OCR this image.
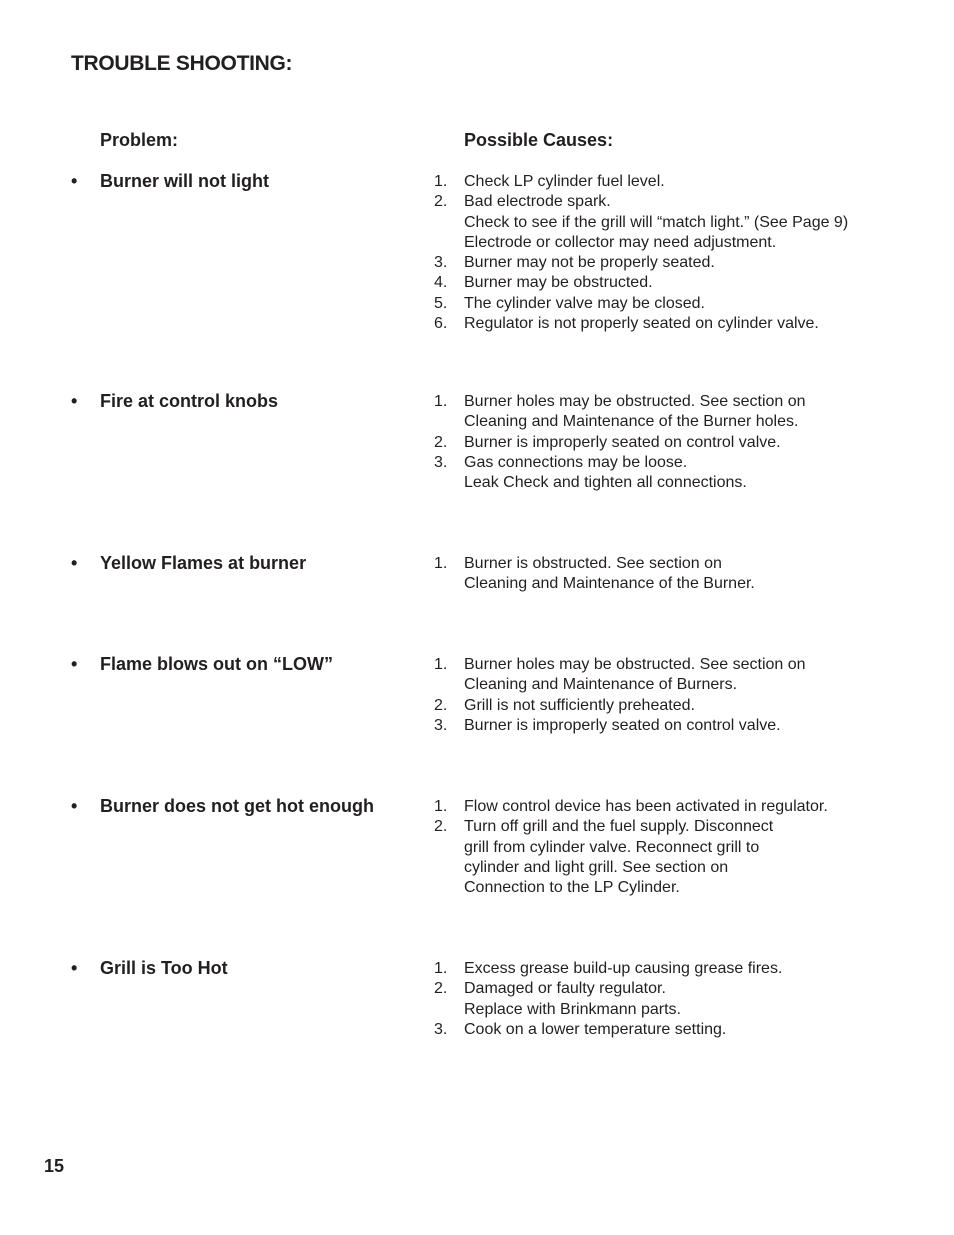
TROUBLE SHOOTING:
Problem:	Possible Causes:
• Burner will not light	1.	Check LP cylinder fuel level.
2.	Bad electrode spark.
Check to see if the grill will “match light.” (See Page 9)
Electrode or collector may need adjustment.
3.	Burner may not be properly seated.
4.	Burner may be obstructed.
5.	The cylinder valve may be closed.
6.	Regulator is not properly seated on cylinder valve.
• Fire at control knobs	1.	Burner holes may be obstructed. See section on
Cleaning and Maintenance of the Burner holes.
2.	Burner is improperly seated on control valve.
3.	Gas connections may be loose.
Leak Check and tighten all connections.
• Yellow Flames at burner	1.	Burner is obstructed. See section on
Cleaning and Maintenance of the Burner.
• Flame blows out on “LOW”	1.	Burner holes may be obstructed. See section on
Cleaning and Maintenance of Burners.
2.	Grill is not sufficiently preheated.
3.	Burner is improperly seated on control valve.
• Burner does not get hot enough	1.	Flow control device has been activated in regulator.
2.	Turn off grill and the fuel supply. Disconnect
grill from cylinder valve. Reconnect grill to
cylinder and light grill. See section on
Connection to the LP Cylinder.
• Grill is Too Hot	1.	Excess grease build-up causing grease fires.
2.	Damaged or faulty regulator.
Replace with Brinkmann parts.
3.	Cook on a lower temperature setting.
15
